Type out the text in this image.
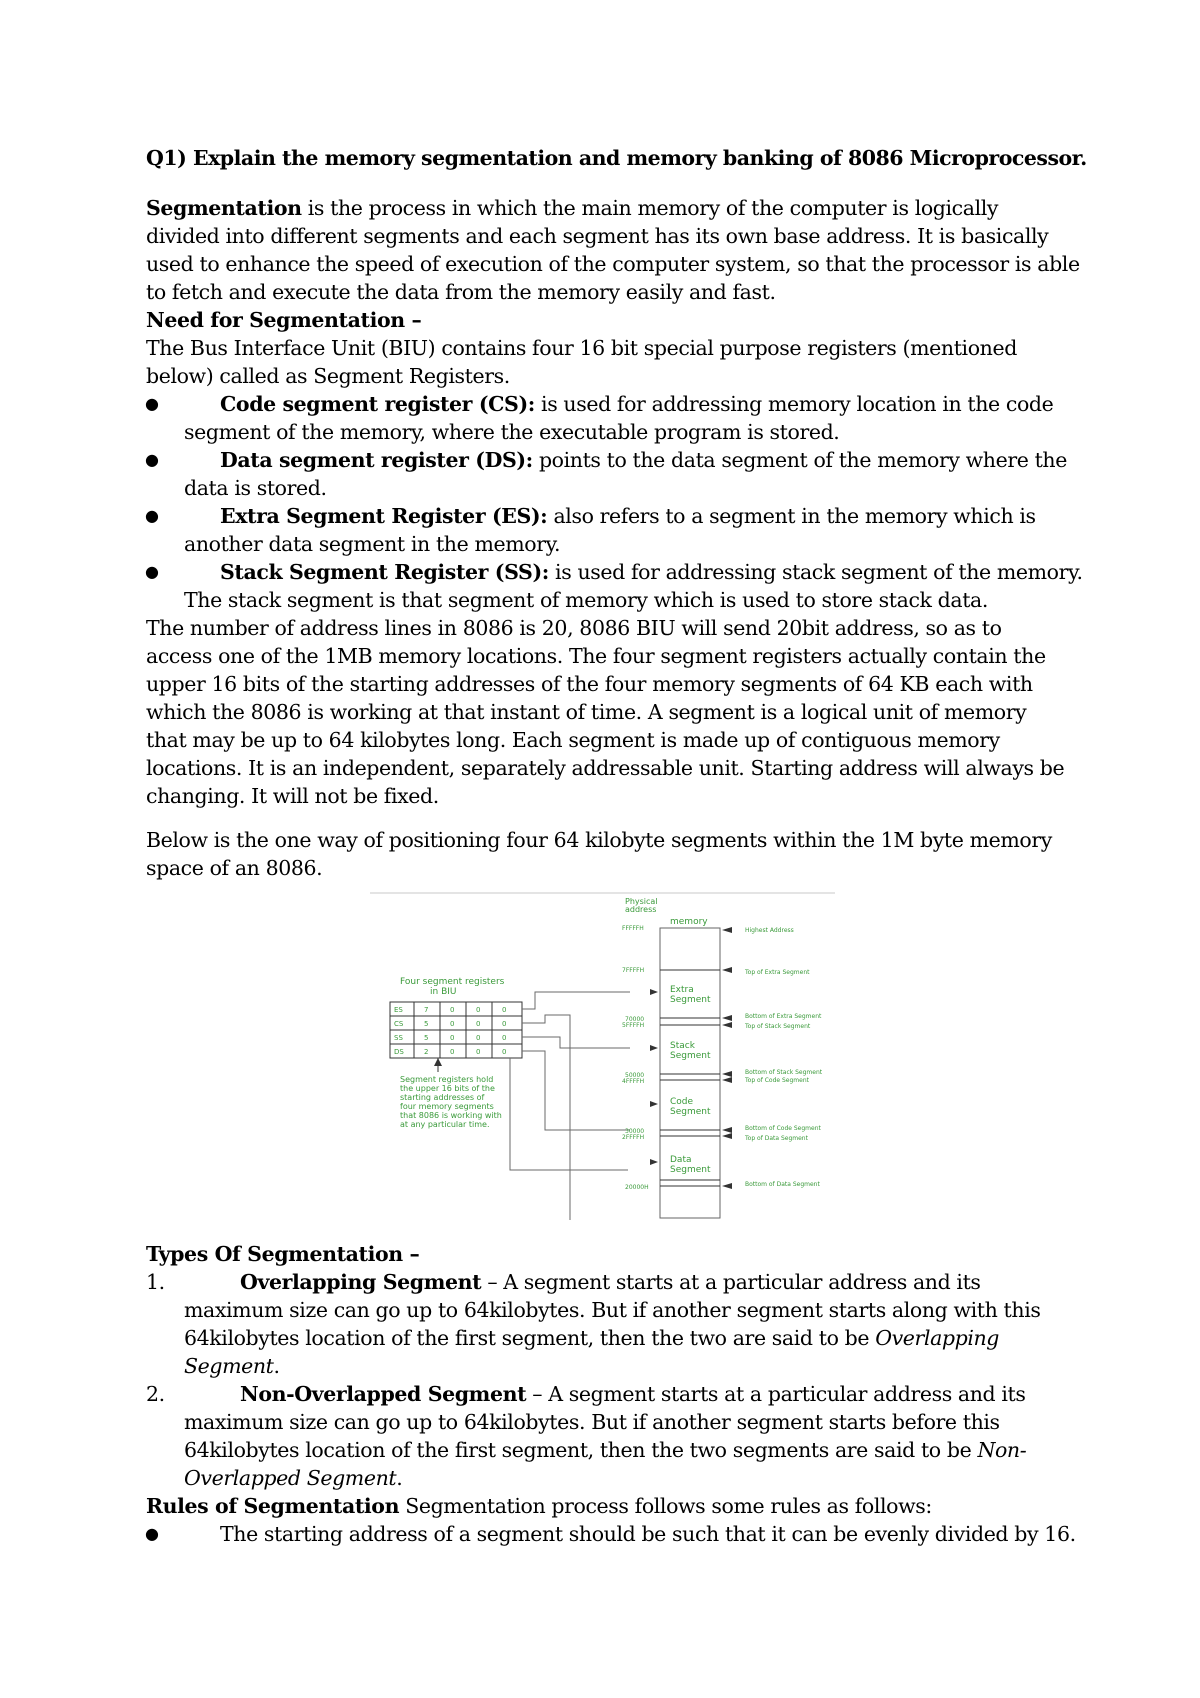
Q1) Explain the memory segmentation and memory banking of 8086 Microprocessor.
Segmentation is the process in which the main memory of the computer is logically
divided into different segments and each segment has its own base address. It is basically
used to enhance the speed of execution of the computer system, so that the processor is able
to fetch and execute the data from the memory easily and fast.
Need for Segmentation –
The Bus Interface Unit (BIU) contains four 16 bit special purpose registers (mentioned
below) called as Segment Registers.
●	Code segment register (CS): is used for addressing memory location in the code
segment of the memory, where the executable program is stored.
●	Data segment register (DS): points to the data segment of the memory where the
data is stored.
●	Extra Segment Register (ES): also refers to a segment in the memory which is
another data segment in the memory.
●	Stack Segment Register (SS): is used for addressing stack segment of the memory.
The stack segment is that segment of memory which is used to store stack data.
The number of address lines in 8086 is 20, 8086 BIU will send 20bit address, so as to
access one of the 1MB memory locations. The four segment registers actually contain the
upper 16 bits of the starting addresses of the four memory segments of 64 KB each with
which the 8086 is working at that instant of time. A segment is a logical unit of memory
that may be up to 64 kilobytes long. Each segment is made up of contiguous memory
locations. It is an independent, separately addressable unit. Starting address will always be
changing. It will not be fixed.
Below is the one way of positioning four 64 kilobyte segments within the 1M byte memory
space of an 8086.
Four segment registers
in BIU
ES	7	0	0	0
CS	5	0	0	0
SS	5	0	0	0
DS	2	0	0	0
Segment registers hold
the upper 16 bits of the
starting addresses of
four memory segments
that 8086 is working with
at any particular time.
memory
Physical
address
Extra
Segment
Stack
Segment
Code
Segment
Data
Segment
Highest Address
Top of Extra Segment
Bottom of Extra Segment
Top of Stack Segment
Bottom of Stack Segment
Top of Code Segment
Bottom of Code Segment
Top of Data Segment
Bottom of Data Segment
FFFFFH
7FFFFH
70000
5FFFFH
50000
4FFFFH
30000
2FFFFH
20000H
Types Of Segmentation –
1.	Overlapping Segment – A segment starts at a particular address and its
maximum size can go up to 64kilobytes. But if another segment starts along with this
64kilobytes location of the first segment, then the two are said to be Overlapping
Segment.
2.	Non-Overlapped Segment – A segment starts at a particular address and its
maximum size can go up to 64kilobytes. But if another segment starts before this
64kilobytes location of the first segment, then the two segments are said to be Non-
Overlapped Segment.
Rules of Segmentation Segmentation process follows some rules as follows:
●	The starting address of a segment should be such that it can be evenly divided by 16.
